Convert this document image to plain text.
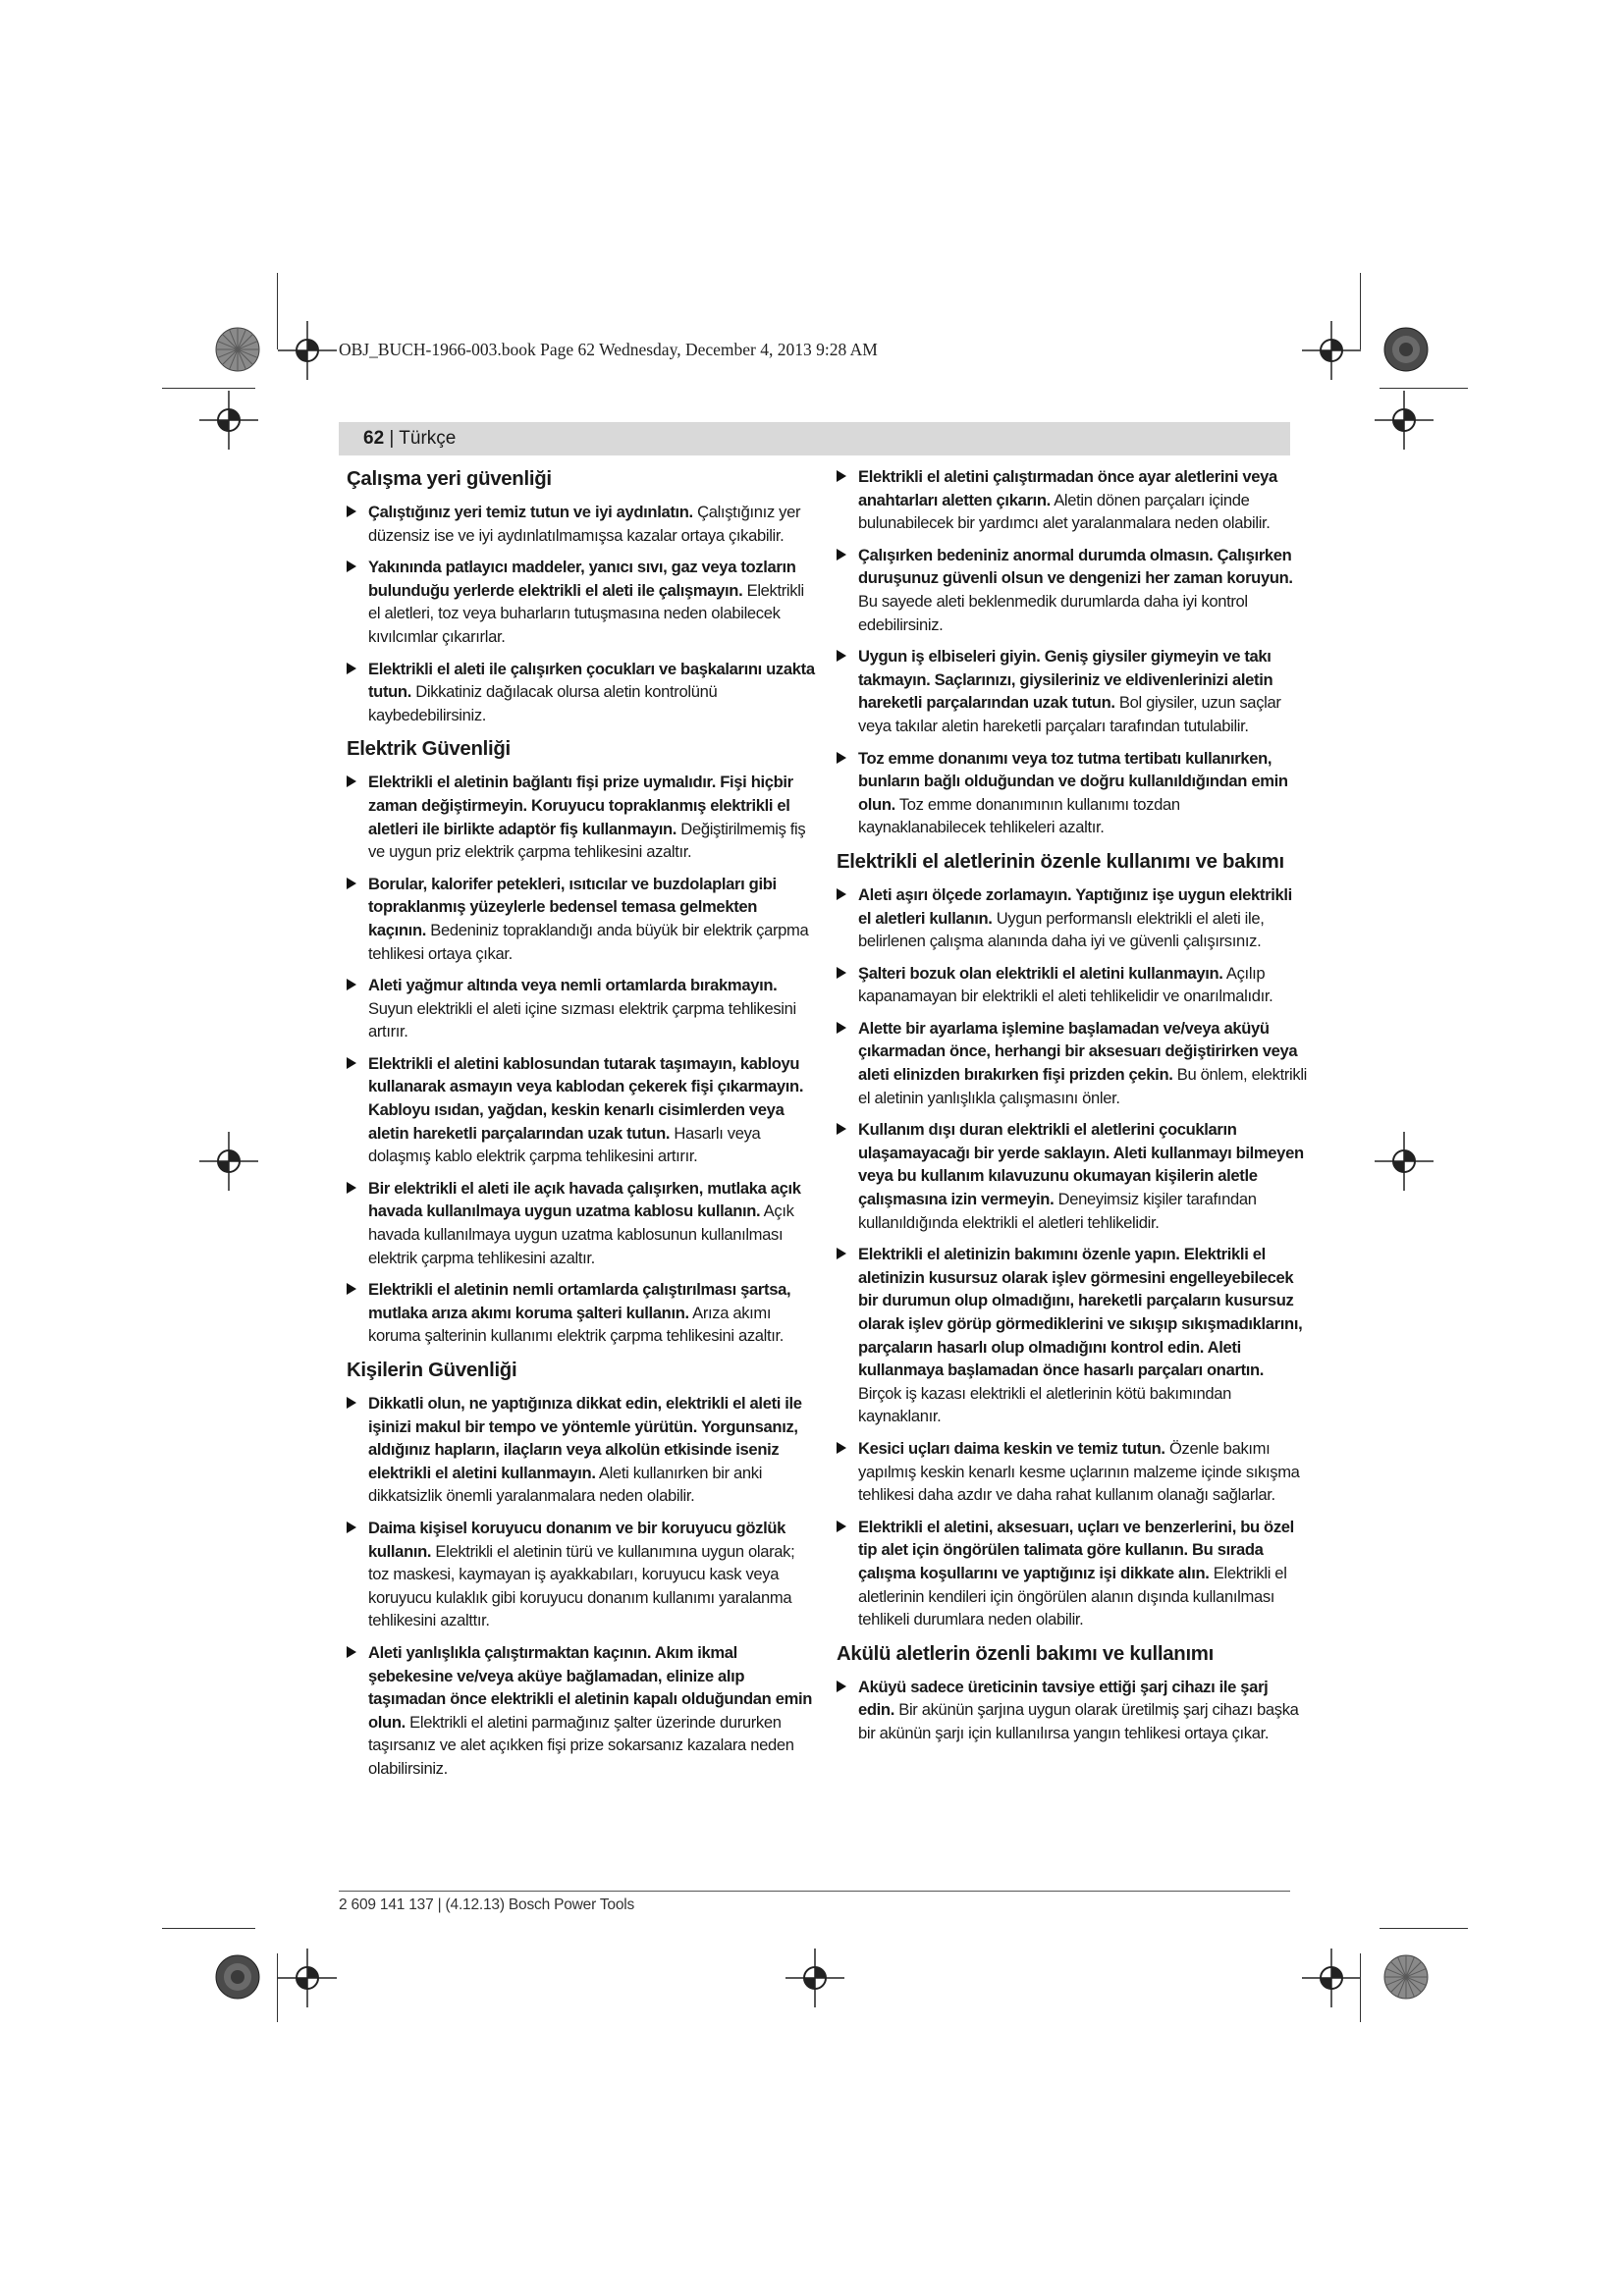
OBJ_BUCH-1966-003.book Page 62 Wednesday, December 4, 2013 9:28 AM
62 | Türkçe
Çalışma yeri güvenliği

Çalıştığınız yeri temiz tutun ve iyi aydınlatın. Çalıştığınız yer düzensiz ise ve iyi aydınlatılmamışsa kazalar ortaya çıkabilir.

Yakınında patlayıcı maddeler, yanıcı sıvı, gaz veya tozların bulunduğu yerlerde elektrikli el aleti ile çalışmayın. Elektrikli el aletleri, toz veya buharların tutuşmasına neden olabilecek kıvılcımlar çıkarırlar.

Elektrikli el aleti ile çalışırken çocukları ve başkalarını uzakta tutun. Dikkatiniz dağılacak olursa aletin kontrolünü kaybedebilirsiniz.

Elektrik Güvenliği

Elektrikli el aletinin bağlantı fişi prize uymalıdır. Fişi hiçbir zaman değiştirmeyin. Koruyucu topraklanmış elektrikli el aletleri ile birlikte adaptör fiş kullanmayın. Değiştirilmemiş fiş ve uygun priz elektrik çarpma tehlikesini azaltır.

Borular, kalorifer petekleri, ısıtıcılar ve buzdolapları gibi topraklanmış yüzeylerle bedensel temasa gelmekten kaçının. Bedeniniz topraklandığı anda büyük bir elektrik çarpma tehlikesi ortaya çıkar.

Aleti yağmur altında veya nemli ortamlarda bırakmayın. Suyun elektrikli el aleti içine sızması elektrik çarpma tehlikesini artırır.

Elektrikli el aletini kablosundan tutarak taşımayın, kabloyu kullanarak asmayın veya kablodan çekerek fişi çıkarmayın. Kabloyu ısıdan, yağdan, keskin kenarlı cisimlerden veya aletin hareketli parçalarından uzak tutun. Hasarlı veya dolaşmış kablo elektrik çarpma tehlikesini artırır.

Bir elektrikli el aleti ile açık havada çalışırken, mutlaka açık havada kullanılmaya uygun uzatma kablosu kullanın. Açık havada kullanılmaya uygun uzatma kablosunun kullanılması elektrik çarpma tehlikesini azaltır.

Elektrikli el aletinin nemli ortamlarda çalıştırılması şartsa, mutlaka arıza akımı koruma şalteri kullanın. Arıza akımı koruma şalterinin kullanımı elektrik çarpma tehlikesini azaltır.

Kişilerin Güvenliği

Dikkatli olun, ne yaptığınıza dikkat edin, elektrikli el aleti ile işinizi makul bir tempo ve yöntemle yürütün. Yorgunsanız, aldığınız hapların, ilaçların veya alkolün etkisinde iseniz elektrikli el aletini kullanmayın. Aleti kullanırken bir anki dikkatsizlik önemli yaralanmalara neden olabilir.

Daima kişisel koruyucu donanım ve bir koruyucu gözlük kullanın. Elektrikli el aletinin türü ve kullanımına uygun olarak; toz maskesi, kaymayan iş ayakkabıları, koruyucu kask veya koruyucu kulaklık gibi koruyucu donanım kullanımı yaralanma tehlikesini azalttır.

Aleti yanlışlıkla çalıştırmaktan kaçının. Akım ikmal şebekesine ve/veya aküye bağlamadan, elinize alıp taşımadan önce elektrikli el aletinin kapalı olduğundan emin olun. Elektrikli el aletini parmağınız şalter üzerinde dururken taşırsanız ve alet açıkken fişi prize sokarsanız kazalara neden olabilirsiniz.

Elektrikli el aletini çalıştırmadan önce ayar aletlerini veya anahtarları aletten çıkarın. Aletin dönen parçaları içinde bulunabilecek bir yardımcı alet yaralanmalara neden olabilir.

Çalışırken bedeniniz anormal durumda olmasın. Çalışırken duruşunuz güvenli olsun ve dengenizi her zaman koruyun. Bu sayede aleti beklenmedik durumlarda daha iyi kontrol edebilirsiniz.

Uygun iş elbiseleri giyin. Geniş giysiler giymeyin ve takı takmayın. Saçlarınızı, giysileriniz ve eldivenlerinizi aletin hareketli parçalarından uzak tutun. Bol giysiler, uzun saçlar veya takılar aletin hareketli parçaları tarafından tutulabilir.

Toz emme donanımı veya toz tutma tertibatı kullanırken, bunların bağlı olduğundan ve doğru kullanıldığından emin olun. Toz emme donanımının kullanımı tozdan kaynaklanabilecek tehlikeleri azaltır.

Elektrikli el aletlerinin özenle kullanımı ve bakımı

Aleti aşırı ölçede zorlamayın. Yaptığınız işe uygun elektrikli el aletleri kullanın. Uygun performanslı elektrikli el aleti ile, belirlenen çalışma alanında daha iyi ve güvenli çalışırsınız.

Şalteri bozuk olan elektrikli el aletini kullanmayın. Açılıp kapanamayan bir elektrikli el aleti tehlikelidir ve onarılmalıdır.

Alette bir ayarlama işlemine başlamadan ve/veya aküyü çıkarmadan önce, herhangi bir aksesuarı değiştirirken veya aleti elinizden bırakırken fişi prizden çekin. Bu önlem, elektrikli el aletinin yanlışlıkla çalışmasını önler.

Kullanım dışı duran elektrikli el aletlerini çocukların ulaşamayacağı bir yerde saklayın. Aleti kullanmayı bilmeyen veya bu kullanım kılavuzunu okumayan kişilerin aletle çalışmasına izin vermeyin. Deneyimsiz kişiler tarafından kullanıldığında elektrikli el aletleri tehlikelidir.

Elektrikli el aletinizin bakımını özenle yapın. Elektrikli el aletinizin kusursuz olarak işlev görmesini engelleyebilecek bir durumun olup olmadığını, hareketli parçaların kusursuz olarak işlev görüp görmediklerini ve sıkışıp sıkışmadıklarını, parçaların hasarlı olup olmadığını kontrol edin. Aleti kullanmaya başlamadan önce hasarlı parçaları onartın. Birçok iş kazası elektrikli el aletlerinin kötü bakımından kaynaklanır.

Kesici uçları daima keskin ve temiz tutun. Özenle bakımı yapılmış keskin kenarlı kesme uçlarının malzeme içinde sıkışma tehlikesi daha azdır ve daha rahat kullanım olanağı sağlarlar.

Elektrikli el aletini, aksesuarı, uçları ve benzerlerini, bu özel tip alet için öngörülen talimata göre kullanın. Bu sırada çalışma koşullarını ve yaptığınız işi dikkate alın. Elektrikli el aletlerinin kendileri için öngörülen alanın dışında kullanılması tehlikeli durumlara neden olabilir.

Akülü aletlerin özenli bakımı ve kullanımı

Aküyü sadece üreticinin tavsiye ettiği şarj cihazı ile şarj edin. Bir akünün şarjına uygun olarak üretilmiş şarj cihazı başka bir akünün şarjı için kullanılırsa yangın tehlikesi ortaya çıkar.

2 609 141 137 | (4.12.13) Bosch Power Tools
